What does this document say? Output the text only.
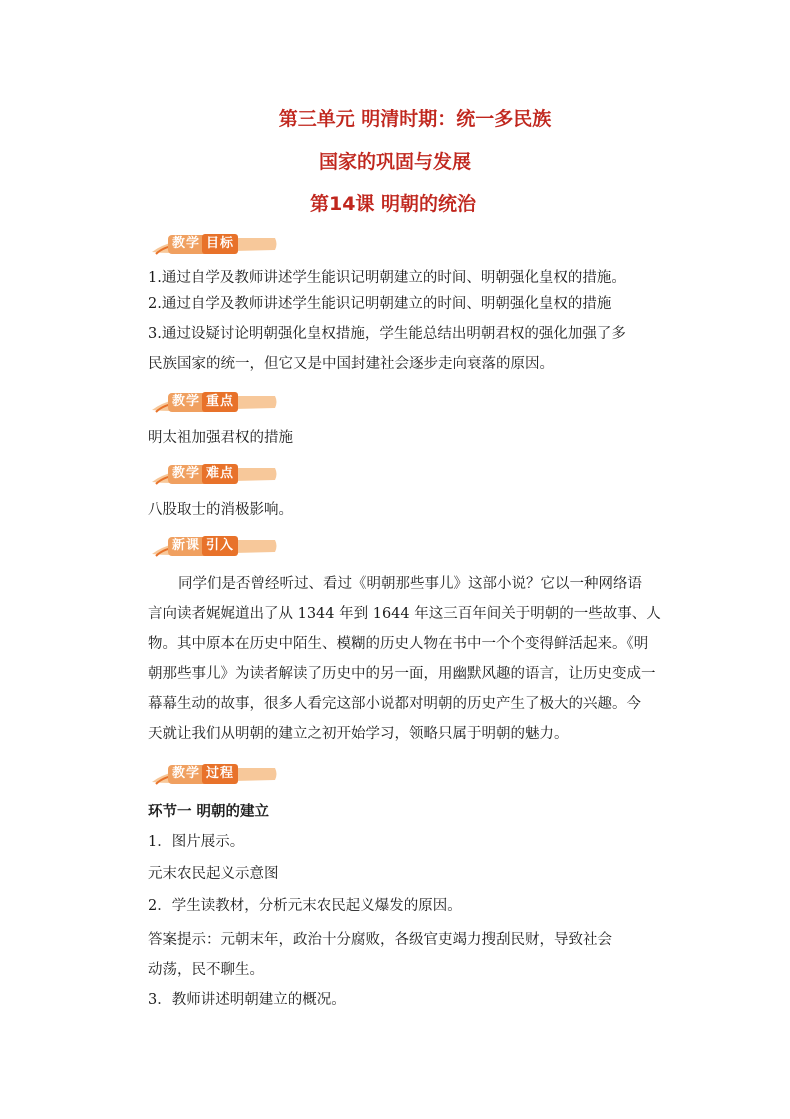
第三单元 明清时期：统一多民族
国家的巩固与发展
第14课 明朝的统治
教学 目标
1.通过自学及教师讲述学生能识记明朝建立的时间、明朝强化皇权的措施。
2.通过自学及教师讲述学生能识记明朝建立的时间、明朝强化皇权的措施
3.通过设疑讨论明朝强化皇权措施，学生能总结出明朝君权的强化加强了多
民族国家的统一，但它又是中国封建社会逐步走向衰落的原因。
教学 重点
明太祖加强君权的措施
教学 难点
八股取士的消极影响。
新课 引入
同学们是否曾经听过、看过《明朝那些事儿》这部小说？它以一种网络语
言向读者娓娓道出了从 1344 年到 1644 年这三百年间关于明朝的一些故事、人
物。其中原本在历史中陌生、模糊的历史人物在书中一个个变得鲜活起来。《明
朝那些事儿》为读者解读了历史中的另一面，用幽默风趣的语言，让历史变成一
幕幕生动的故事，很多人看完这部小说都对明朝的历史产生了极大的兴趣。今
天就让我们从明朝的建立之初开始学习，领略只属于明朝的魅力。
教学 过程
环节一 明朝的建立
1．图片展示。
元末农民起义示意图
2．学生读教材，分析元末农民起义爆发的原因。
答案提示：元朝末年，政治十分腐败，各级官吏竭力搜刮民财，导致社会
动荡，民不聊生。
3．教师讲述明朝建立的概况。
